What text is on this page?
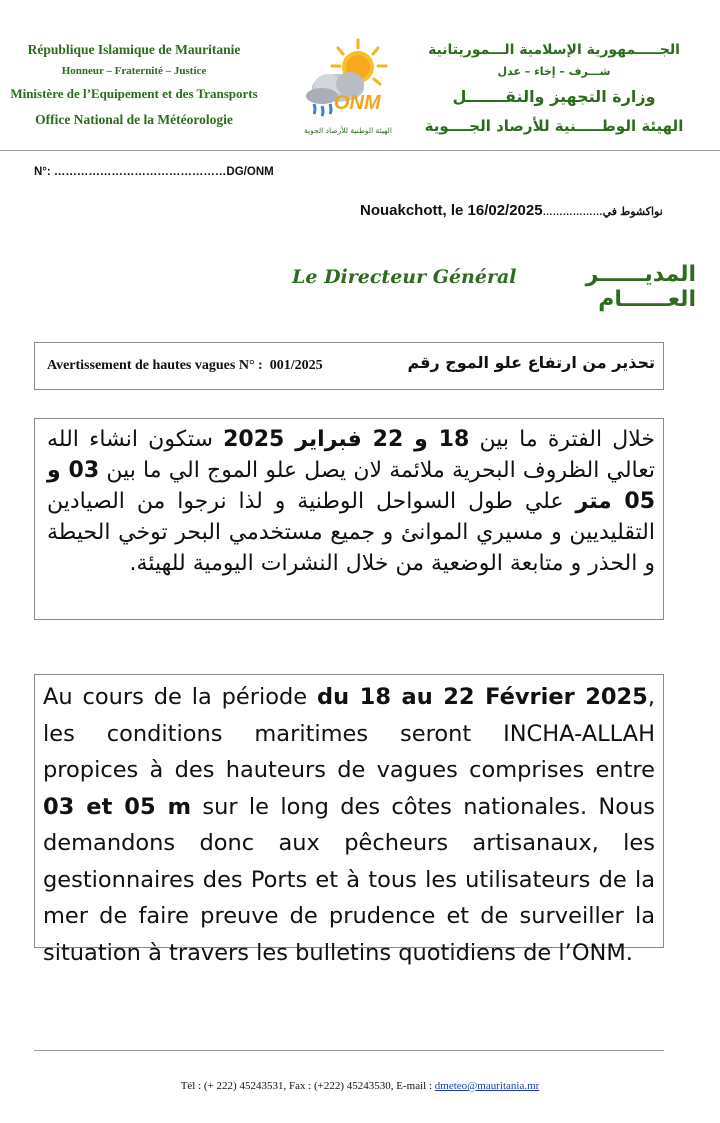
République Islamique de Mauritanie
Honneur – Fraternité – Justice
Ministère de l’Equipement et des Transports
Office National de la Météorologie
ONM
الهيئة الوطنية للأرصاد الجوية
الجـــــمهورية الإسلامية الـــموريتانية
شـــرف – إخاء – عدل
وزارة التجهيز والنقـــــــل
الهيئة الوطـــــنية للأرصاد الجــــوية
N°: ………………………………………DG/ONM
Nouakchott, le 16/02/2025………………نواكشوط في
Le Directeur Général	المديــــــر العــــــام
Avertissement de hautes vagues N° :  001/2025	تحذير من ارتفاع علو الموج رقم

خلال الفترة ما بين 18 و 22 فبراير 2025 ستكون انشاء الله تعالي الظروف البحرية ملائمة لان يصل علو الموج الي ما بين 03 و 05 متر علي طول السواحل الوطنية و لذا نرجوا من الصيادين التقليديين و مسيري الموانئ و جميع مستخدمي البحر توخي الحيطة و الحذر و متابعة الوضعية من خلال النشرات اليومية للهيئة.

Au cours de la période du 18 au 22 Février 2025, les conditions maritimes seront INCHA-ALLAH propices à des hauteurs de vagues comprises entre 03 et 05 m sur le long des côtes nationales. Nous demandons donc aux pêcheurs artisanaux, les gestionnaires des Ports et à tous les utilisateurs de la mer de faire preuve de prudence et de surveiller la situation à travers les bulletins quotidiens de l’ONM.

Tél : (+ 222) 45243531, Fax : (+222) 45243530, E-mail : dmeteo@mauritania.mr
